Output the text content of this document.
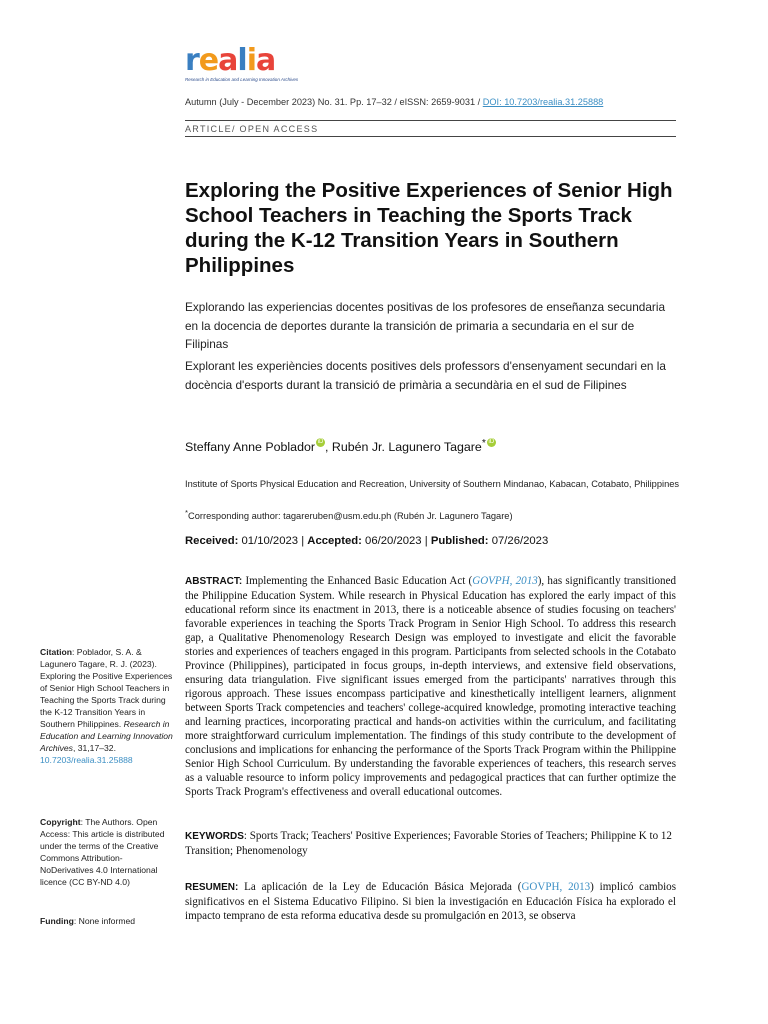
realia
Research in Education and Learning Innovation Archives
Autumn (July - December 2023) No. 31. Pp. 17–32 / eISSN: 2659-9031 / DOI: 10.7203/realia.31.25888
ARTICLE/ OPEN ACCESS
Exploring the Positive Experiences of Senior High School Teachers in Teaching the Sports Track during the K-12 Transition Years in Southern Philippines
Explorando las experiencias docentes positivas de los profesores de enseñanza secundaria en la docencia de deportes durante la transición de primaria a secundaria en el sur de Filipinas
Explorant les experiències docents positives dels professors d'ensenyament secundari en la docència d'esports durant la transició de primària a secundària en el sud de Filipines
Steffany Anne Poblador iD , Rubén Jr. Lagunero Tagare* iD
Institute of Sports Physical Education and Recreation, University of Southern Mindanao, Kabacan, Cotabato, Philippines
*Corresponding author: tagareruben@usm.edu.ph (Rubén Jr. Lagunero Tagare)
Received: 01/10/2023 | Accepted: 06/20/2023 | Published: 07/26/2023
ABSTRACT: Implementing the Enhanced Basic Education Act (GOVPH, 2013), has significantly transitioned the Philippine Education System. While research in Physical Education has explored the early impact of this educational reform since its enactment in 2013, there is a noticeable absence of studies focusing on teachers' favorable experiences in teaching the Sports Track Program in Senior High School. To address this research gap, a Qualitative Phenomenology Research Design was employed to investigate and elicit the favorable stories and experiences of teachers engaged in this program. Participants from selected schools in the Cotabato Province (Philippines), participated in focus groups, in-depth interviews, and extensive field observations, ensuring data triangulation. Five significant issues emerged from the participants' narratives through this rigorous approach. These issues encompass participative and kinesthetically intelligent learners, alignment between Sports Track competencies and teachers' college-acquired knowledge, promoting interactive teaching and learning practices, incorporating practical and hands-on activities within the curriculum, and facilitating more straightforward curriculum implementation. The findings of this study contribute to the development of conclusions and implications for enhancing the performance of the Sports Track Program within the Philippine Senior High School Curriculum. By understanding the favorable experiences of teachers, this research serves as a valuable resource to inform policy improvements and pedagogical practices that can further optimize the Sports Track Program's effectiveness and overall educational outcomes.
KEYWORDS: Sports Track; Teachers' Positive Experiences; Favorable Stories of Teachers; Philippine K to 12 Transition; Phenomenology
RESUMEN: La aplicación de la Ley de Educación Básica Mejorada (GOVPH, 2013) implicó cambios significativos en el Sistema Educativo Filipino. Si bien la investigación en Educación Física ha explorado el impacto temprano de esta reforma educativa desde su promulgación en 2013, se observa
Citation: Poblador, S. A. & Lagunero Tagare, R. J. (2023). Exploring the Positive Experiences of Senior High School Teachers in Teaching the Sports Track during the K-12 Transition Years in Southern Philippines. Research in Education and Learning Innovation Archives, 31,17–32.
10.7203/realia.31.25888
Copyright: The Authors. Open Access: This article is distributed under the terms of the Creative Commons Attribution-NoDerivatives 4.0 International licence (CC BY-ND 4.0)
Funding: None informed
